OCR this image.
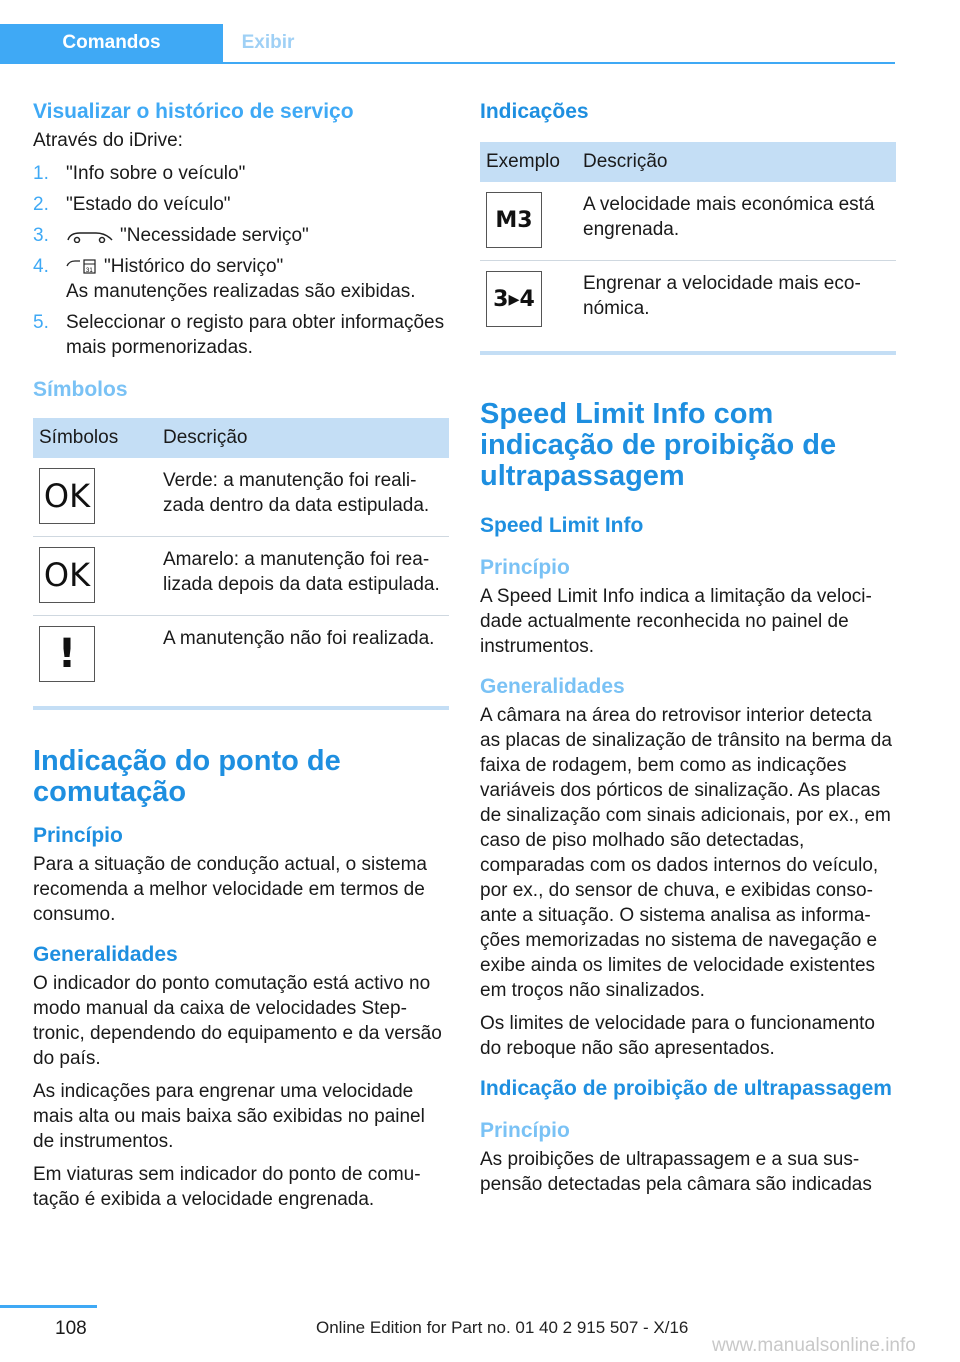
Comandos	Exibir
Visualizar o histórico de serviço

Através do iDrive:

1. "Info sobre o veículo"
2. "Estado do veículo"
3.	"Necessidade serviço"
4.	31 "Histórico do serviço"
As manutenções realizadas são exibidas.
5. Seleccionar o registo para obter informações mais pormenorizadas.
Símbolos
Símbolos	Descrição

OK	Verde: a manutenção foi realizada dentro da data estipulada.

OK	Amarelo: a manutenção foi realizada depois da data estipulada.

!	A manutenção não foi realizada.
Indicação do ponto de comutação
Princípio

Para a situação de condução actual, o sistema recomenda a melhor velocidade em termos de consumo.

Generalidades

O indicador do ponto comutação está activo no modo manual da caixa de velocidades Steptronic, dependendo do equipamento e da versão do país.

As indicações para engrenar uma velocidade mais alta ou mais baixa são exibidas no painel de instrumentos.

Em viaturas sem indicador do ponto de comutação é exibida a velocidade engrenada.

Indicações
Exemplo	Descrição

M3	A velocidade mais económica está engrenada.

3▸4	Engrenar a velocidade mais económica.
Speed Limit Info com indicação de proibição de ultrapassagem
Speed Limit Info
Princípio

A Speed Limit Info indica a limitação da velocidade actualmente reconhecida no painel de instrumentos.

Generalidades

A câmara na área do retrovisor interior detecta as placas de sinalização de trânsito na berma da faixa de rodagem, bem como as indicações variáveis dos pórticos de sinalização. As placas de sinalização com sinais adicionais, por ex., em caso de piso molhado são detectadas, comparadas com os dados internos do veículo, por ex., do sensor de chuva, e exibidas consoante a situação. O sistema analisa as informações memorizadas no sistema de navegação e exibe ainda os limites de velocidade existentes em troços não sinalizados.

Os limites de velocidade para o funcionamento do reboque não são apresentados.

Indicação de proibição de ultrapassagem
Princípio

As proibições de ultrapassagem e a sua suspensão detectadas pela câmara são indicadas

108	Online Edition for Part no. 01 40 2 915 507 - X/16
www.manualsonline.info
